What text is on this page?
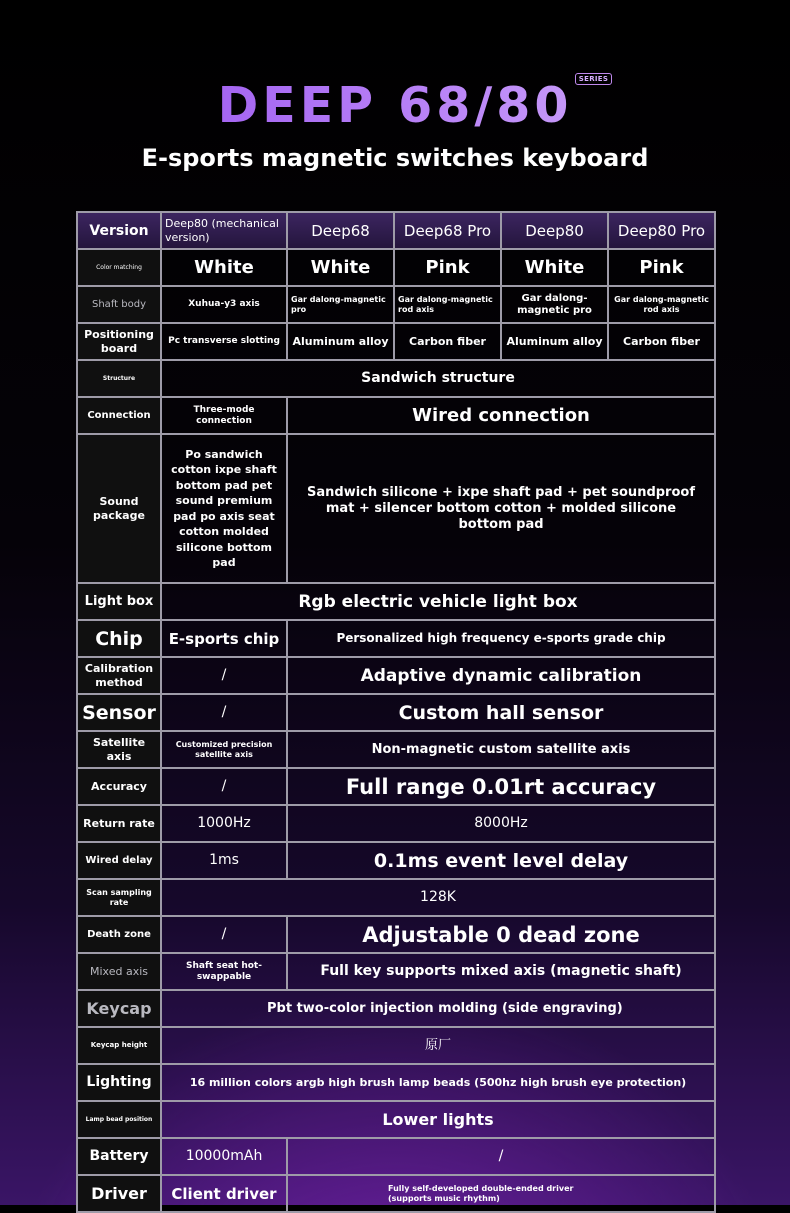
DEEP 68/80
E-sports magnetic switches keyboard
Version	Deep80 (mechanical version)	Deep68	Deep68 Pro	Deep80	Deep80 Pro
Color matching	White	White	Pink	White	Pink
Shaft body	Xuhua-y3 axis	Gar dalong-magnetic pro	Gar dalong-magnetic rod axis	Gar dalong-magnetic pro	Gar dalong-magnetic rod axis
Positioning board	Pc transverse slotting	Aluminum alloy	Carbon fiber	Aluminum alloy	Carbon fiber
Structure	Sandwich structure				
Connection	Three-mode connection	Wired connection			
Sound package	Po sandwich cotton ixpe shaft bottom pad pet sound premium pad po axis seat cotton molded silicone bottom pad	Sandwich silicone + ixpe shaft pad + pet soundproof mat + silencer bottom cotton + molded silicone bottom pad			
Light box	Rgb electric vehicle light box				
Chip	E-sports chip	Personalized high frequency e-sports grade chip			
Calibration method	/	Adaptive dynamic calibration			
Sensor	/	Custom hall sensor			
Satellite axis	Customized precision satellite axis	Non-magnetic custom satellite axis			
Accuracy	/	Full range 0.01rt accuracy			
Return rate	1000Hz	8000Hz			
Wired delay	1ms	0.1ms event level delay			
Scan sampling rate	128K				
Death zone	/	Adjustable 0 dead zone			
Mixed axis	Shaft seat hot-swappable	Full key supports mixed axis (magnetic shaft)			
Keycap	Pbt two-color injection molding (side engraving)				
Keycap height	原厂				
Lighting	16 million colors argb high brush lamp beads (500hz high brush eye protection)				
Lamp bead position	Lower lights				
Battery	10000mAh	/			
Driver	Client driver	Fully self-developed double-ended driver (supports music rhythm)			
